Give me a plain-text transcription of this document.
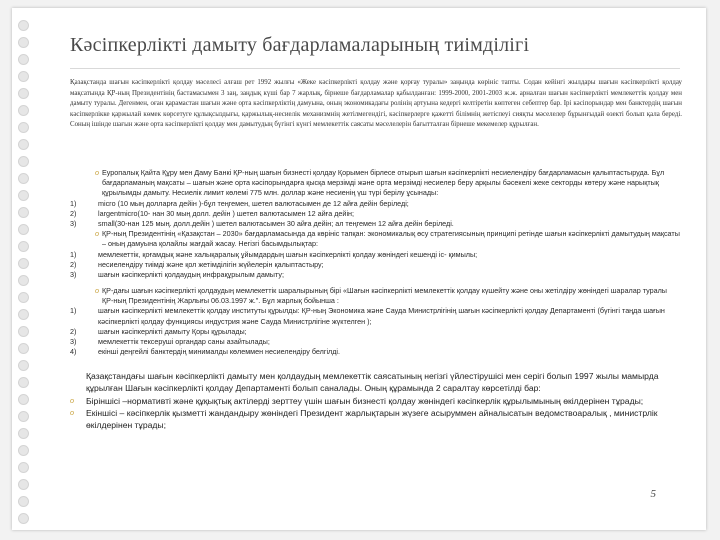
Кәсіпкерлікті дамыту бағдарламаларының тиімділігі
Қазақстанда шағын кәсіпкерлікті қолдау мәселесі алғаш рет 1992 жылғы «Жеке кәсіпкерлікті қолдау және қорғау туралы» заңында көрініс тапты. Содан кейінгі жылдары шағын кәсіпкерлікті қолдау мақсатында ҚР-ның Президентінің бастамасымен 3 заң, заңдық күші бар 7 жарлық, бірнеше бағдарламалар қабылданған: 1999-2000, 2001-2003 ж.ж. арналған шағын кәсіпкерлікті мемлекеттік қолдау мен дамыту туралы. Дегенмен, оған қарамастан шағын және орта кәсіпкерліктің дамуына, оның экономикадағы ролінің артуына кедергі келтіретін көптеген себептер бар. Ірі кәсіпорындар мен банктердің шағын кәсіпкерлікке қаржылай көмек көрсетуге құлықсыздығы, қаржылық-несиелік механизмнің жетілмегендігі, кәсіпкерлерге қажетті білімнің жетіспеуі сияқты мәселелер бұрынғыдай өзекті болып қала береді. Соның ішінде шағын және орта кәсіпкерлікті қолдау мен дамытудың бүгінгі күнгі мемлекеттік саясаты мәселелерін бағытталған бірнеше мекемелер құрылған.
o Еуропалық Қайта Құру мен Даму Банкі ҚР-ның шағын бизнесті қолдау Қорымен бірлесе отырып шағын кәсіпкерлікті несиелендіру бағдарламасын қалыптастыруда. Бұл бағдарламаның мақсаты – шағын және орта кәсіпорындарға қысқа мерзімді және орта мерзімді несиелер беру арқылы бәсекелі жеке секторды көтеру және нарықтық құрылымды дамыту. Несиелік лимит көлемі 775 млн. доллар және несиенің үш түрі берілу ұсынады:
1)	micro (10 мың долларға дейін )-бұл теңгемен, шетел валютасымен де 12 айға дейін беріледі;
2)	largentmicro(10- нан 30 мың долл. дейін ) шетел валютасымен 12 айға дейін;
3)	small(30-нан 125 мың. долл.дейін ) шетел валютасымен 30 айға дейін; ал теңгемен 12 айға дейін беріледі.
o ҚР-ның Президентінің «Қазақстан – 2030» бағдарламасында да көрініс тапқан: экономикалық өсу стратегиясының принципі ретінде шағын кәсіпкерлікті дамытудың мақсаты – оның дамуына қолайлы жағдай жасау. Негізгі басымдылықтар:
1)	мемлекеттік, қоғамдық және халықаралық ұйымдардың шағын кәсіпкерлікті қолдау жөніндегі кешенді іс- қимылы;
2)	несиелендіру тиімді және қол жетімділігін жүйелерін қалыптастыру;
3)	шағын кәсіпкерлікті қолдаудың инфрақұрылым дамыту;
o ҚР-дағы шағын кәсіпкерлікті қолдаудың мемлекеттік шаралырының бірі «Шағын кәсіпкерлікті мемлекеттік қолдау күшейту және оны жетілдіру жөніндегі шаралар туралы ҚР-ның Президентінің Жарлығы 06.03.1997 ж.". Бұл жарлық бойынша :
1)	шағын кәсіпкерлікті мемлекеттік қолдау институты құрылды: ҚР-ның Экономика және Сауда Министрлігінің шағын кәсіпкерлікті қолдау Департаменті (бүгінгі таңда шағын кәсіпкерлікті қолдау функциясы индустрия және Сауда Министрлігіне жүктелген );
2)	шағын кәсіпкерлікті дамыту Қоры құрылады;
3)	мемлекеттік тексеруші органдар саны азайтылады;
4)	екінші деңгейлі банктердің минималды көлеммен несиелендіру белгілді.
Қазақстандағы шағын кәсіпкерлікті дамыту мен қолдаудың мемлекеттік саясатының негізгі үйлестірушісі мен серігі болып 1997 жылы мамырда құрылған Шағын кәсіпкерлікті қолдау Департаменті болып саналады. Оның құрамында 2 саралтау көрсетілді бар:
o	Біріншісі –нормативті және құқықтық актілерді зерттеу үшін шағын бизнесті қолдау жөніндегі кәсіпкерлік құрылымының өкілдерінен тұрады;
o	Екіншісі – кәсіпкерлік қызметті жандандыру жөніндегі Президент жарлықтарын жүзеге асыруммен айналысатын ведомствоаралық , министрлік өкілдерінен тұрады;
5
